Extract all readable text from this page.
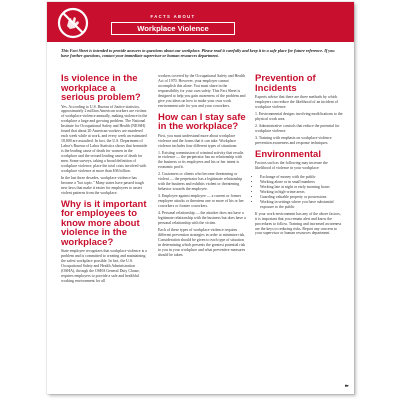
FACTS ABOUT
Workplace Violence
This Fact Sheet is intended to provide answers to questions about our workplace. Please read it carefully and keep it in a safe place for future reference. If you have further questions, contact your immediate supervisor or human resources department.
Is violence in the workplace a serious problem?

Yes. According to U.S. Bureau of Justice statistics, approximately 2 million American workers are victims of workplace violence annually, making violence in the workplace a large and growing problem. The National Institute for Occupational Safety and Health (NIOSH) found that about 20 American workers are murdered each week while at work, and every week an estimated 18,000 are assaulted. In fact, the U.S. Department of Labor's Bureau of Labor Statistics shows that homicide is the leading cause of death for women in the workplace and the second leading cause of death for men. Some surveys, taking a broad definition of workplace violence, place the total costs involved with workplace violence at more than $36 billion.

In the last three decades, workplace violence has become a "hot topic." Many states have passed tough new laws that make it easier for employees to assert violent patterns from the workplace.

Why is it important for employees to know more about violence in the workplace?

State employee recognizes that workplace violence is a problem and is committed to creating and maintaining the safest workplace possible. In fact, the U.S. Occupational Safety and Health Administration (OSHA), through the OSHA General Duty Clause, requires employers to provide a safe and healthful working environment for all

workers covered by the Occupational Safety and Health Act of 1970. However, your employer cannot accomplish this alone. You must share in the responsibility for your own safety. This Fact Sheet is designed to help you gain awareness of the problem and give you ideas on how to make your own work environment safe for you and your coworkers.

How can I stay safe in the workplace?

First, you must understand more about workplace violence and the forms that it can take. Workplace violence includes four different types of situations:

1. Existing commission of criminal activity that results in violence — the perpetrator has no relationship with the business or its employees and his or her intent is economic profit.

2. Customers or clients who become threatening or violent — the perpetrator has a legitimate relationship with the business and exhibits violent or threatening behavior towards the employee.

3. Employee against employee — a current or former employee attacks or threatens one or more of his or her coworkers or former coworkers.

4. Personal relationship — the attacker does not have a legitimate relationship with the business but does have a personal relationship with the victim.

Each of these types of workplace violence requires different prevention strategies in order to minimize risk. Consideration should be given to each type of situation in determining which presents the greatest potential risk to you in your workplace and what preventive measures should be taken.

Prevention of Incidents

Experts advise that there are three methods by which employers can reduce the likelihood of an incident of workplace violence:

1. Environmental designs involving modifications to the physical work area.

2. Administrative controls that reduce the potential for workplace violence.

3. Training with emphasis on workplace violence prevention awareness and response techniques.

Environmental

Factors such as the following may increase the likelihood of violence in your workplace:

• Exchange of money with the public
• Working alone or in small numbers
• Working late at night or early morning hours
• Working in high-crime areas
• Guarding valuable property or possessions
• Working in settings where you have substantial exposure to the public

If your work environment has any of the above factors, it is important that you remain alert and know the procedures to follow. Training and increased awareness are the keys to reducing risks. Report any concern to your supervisor or human resources department.

▸▸
